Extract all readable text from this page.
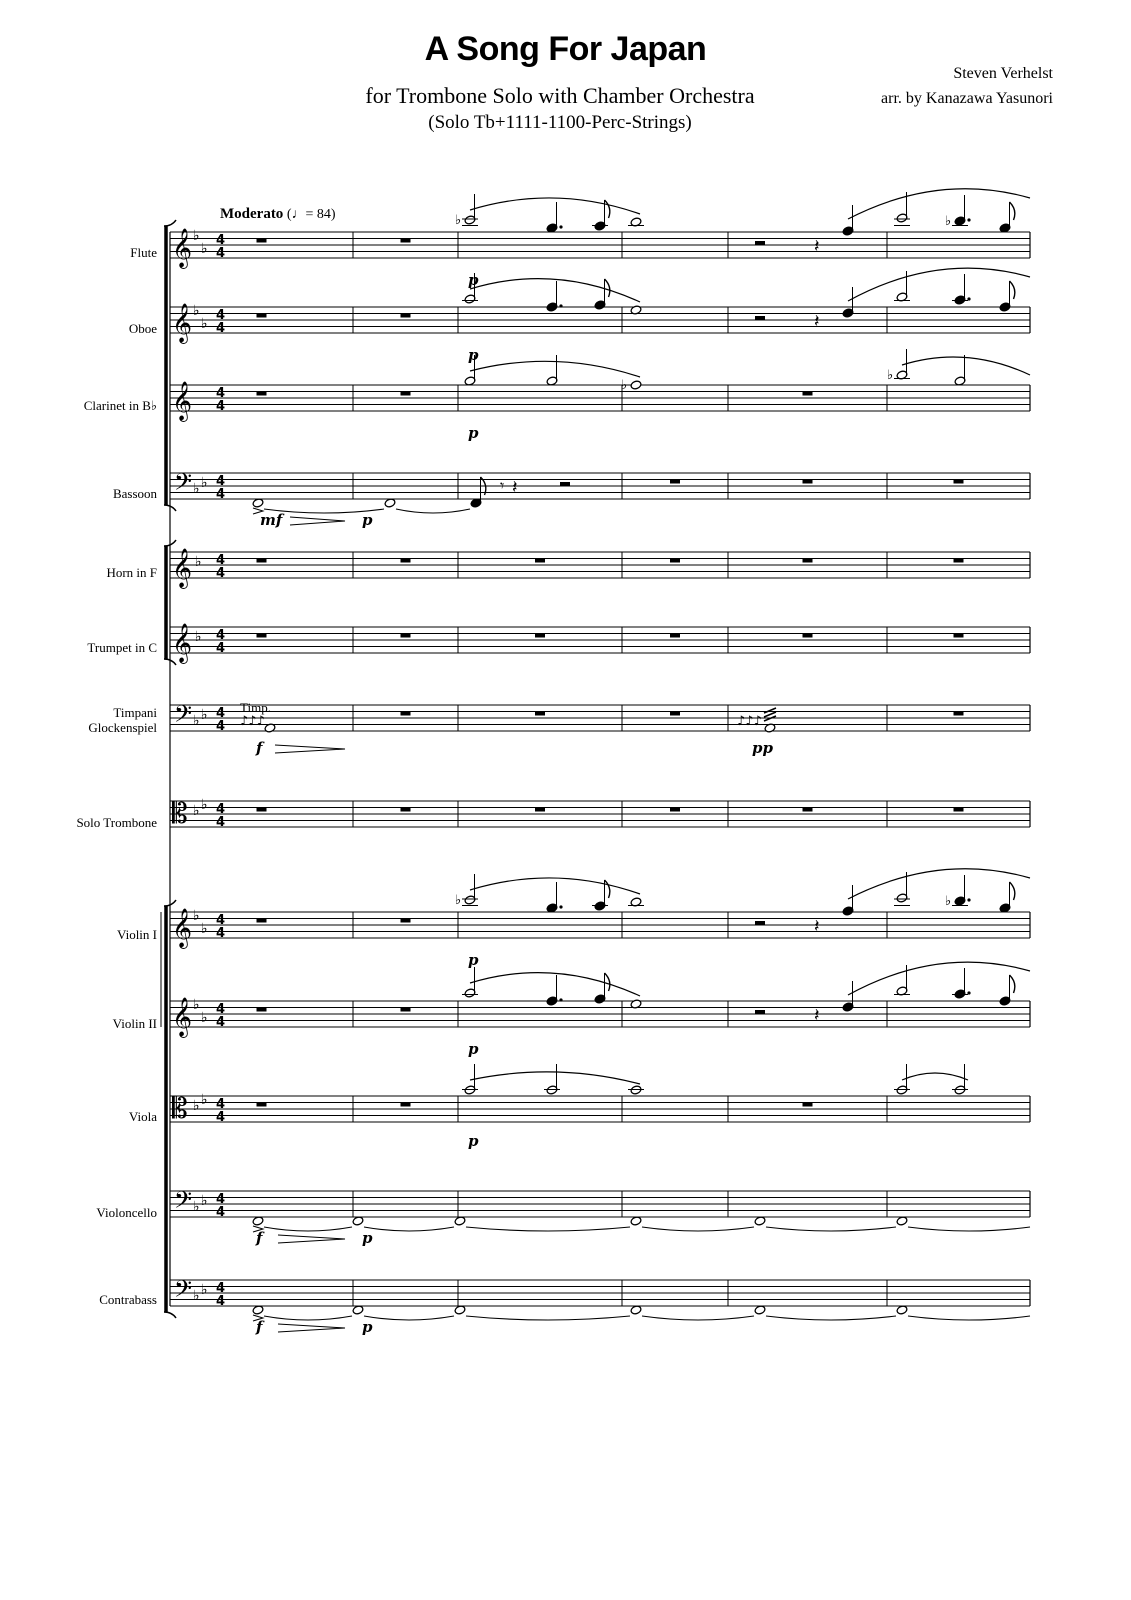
A Song For Japan
for Trombone Solo with Chamber Orchestra
(Solo Tb+1111-1100-Perc-Strings)
Steven Verhelst
arr. by Kanazawa Yasunori
Moderato (♩= 84)
Flute
Oboe
Clarinet in B♭
Bassoon
Horn in F
Trumpet in C
Timpani
Glockenspiel
Solo Trombone
Violin I
Violin II
Viola
Violoncello
Contrabass
Timp.
𝄞 ♭
♭
4
4
𝄞 ♭
♭
4
4
𝄞 4
4
𝄢 ♭ ♭ 4
4
𝄞 ♭ 4
4
𝄞 ♭ 4
4
𝄢 ♭ ♭ 4
4
𝄡 ♭ ♭ 4
4
𝄞 ♭
♭
4
4
𝄞 ♭
♭
4
4
𝄡 ♭ ♭ 4
4
𝄢 ♭ ♭ 4
4
𝄢 ♭ ♭ 4
4
♭
𝄽
♭
p
𝄽
p
♭
𝄽
♭
p
𝄽
p
♭
♭
p
𝄾 𝄽
mf	p
♪♪♪	♪♪♪
f	pp
p
f	p
f	p
